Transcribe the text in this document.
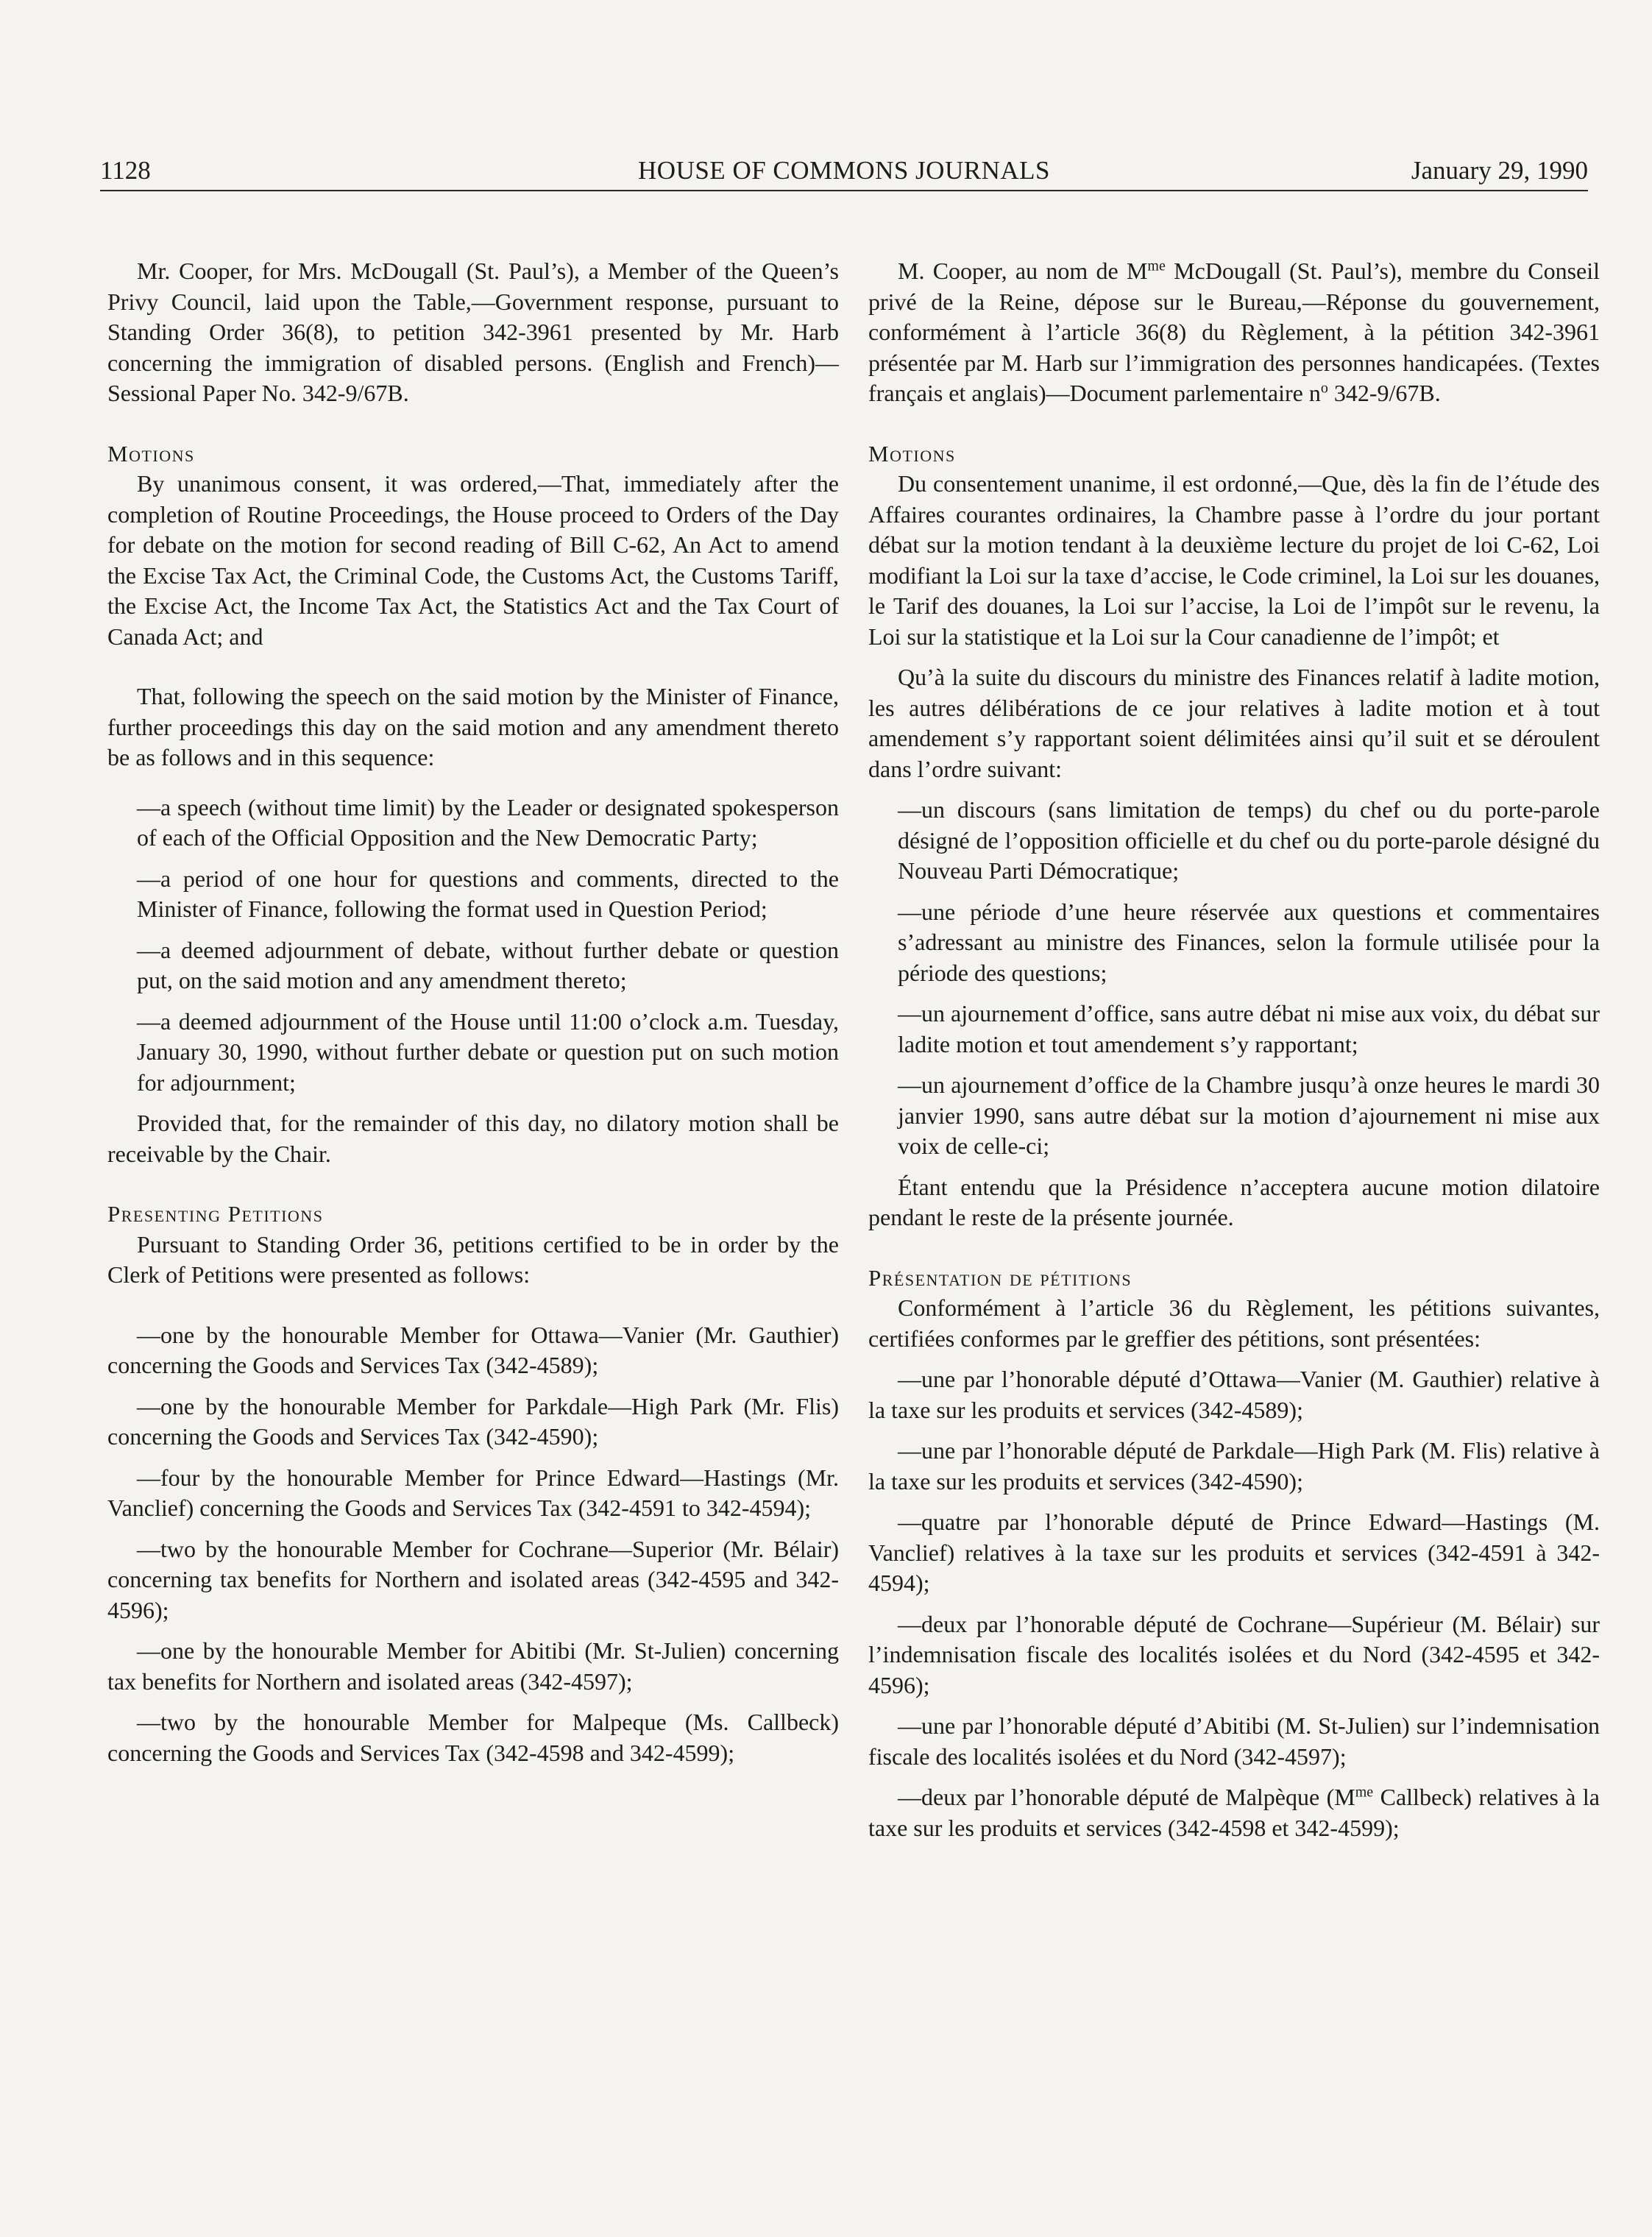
1128	HOUSE OF COMMONS JOURNALS	January 29, 1990

Mr. Cooper, for Mrs. McDougall (St. Paul’s), a Member of the Queen’s Privy Council, laid upon the Table,—Government response, pursuant to Standing Order 36(8), to petition 342-3961 presented by Mr. Harb concerning the immigration of disabled persons. (English and French)—Sessional Paper No. 342-9/67B.

Motions

By unanimous consent, it was ordered,—That, immediately after the completion of Routine Proceedings, the House proceed to Orders of the Day for debate on the motion for second reading of Bill C-62, An Act to amend the Excise Tax Act, the Criminal Code, the Customs Act, the Customs Tariff, the Excise Act, the Income Tax Act, the Statistics Act and the Tax Court of Canada Act; and

That, following the speech on the said motion by the Minister of Finance, further proceedings this day on the said motion and any amendment thereto be as follows and in this sequence:

—a speech (without time limit) by the Leader or designated spokesperson of each of the Official Opposition and the New Democratic Party;

—a period of one hour for questions and comments, directed to the Minister of Finance, following the format used in Question Period;

—a deemed adjournment of debate, without further debate or question put, on the said motion and any amendment thereto;

—a deemed adjournment of the House until 11:00 o’clock a.m. Tuesday, January 30, 1990, without further debate or question put on such motion for adjournment;

Provided that, for the remainder of this day, no dilatory motion shall be receivable by the Chair.

Presenting Petitions

Pursuant to Standing Order 36, petitions certified to be in order by the Clerk of Petitions were presented as follows:

—one by the honourable Member for Ottawa—Vanier (Mr. Gauthier) concerning the Goods and Services Tax (342-4589);

—one by the honourable Member for Parkdale—High Park (Mr. Flis) concerning the Goods and Services Tax (342-4590);

—four by the honourable Member for Prince Edward—Hastings (Mr. Vanclief) concerning the Goods and Services Tax (342-4591 to 342-4594);

—two by the honourable Member for Cochrane—Superior (Mr. Bélair) concerning tax benefits for Northern and isolated areas (342-4595 and 342-4596);

—one by the honourable Member for Abitibi (Mr. St-Julien) concerning tax benefits for Northern and isolated areas (342-4597);

—two by the honourable Member for Malpeque (Ms. Callbeck) concerning the Goods and Services Tax (342-4598 and 342-4599);

M. Cooper, au nom de $M^{me}$ McDougall (St. Paul’s), membre du Conseil privé de la Reine, dépose sur le Bureau,—Réponse du gouvernement, conformément à l’article 36(8) du Règlement, à la pétition 342-3961 présentée par M. Harb sur l’immigration des personnes handicapées. (Textes français et anglais)—Document parlementaire $n^o$ 342-9/67B.

Motions

Du consentement unanime, il est ordonné,—Que, dès la fin de l’étude des Affaires courantes ordinaires, la Chambre passe à l’ordre du jour portant débat sur la motion tendant à la deuxième lecture du projet de loi C-62, Loi modifiant la Loi sur la taxe d’accise, le Code criminel, la Loi sur les douanes, le Tarif des douanes, la Loi sur l’accise, la Loi de l’impôt sur le revenu, la Loi sur la statistique et la Loi sur la Cour canadienne de l’impôt; et

Qu’à la suite du discours du ministre des Finances relatif à ladite motion, les autres délibérations de ce jour relatives à ladite motion et à tout amendement s’y rapportant soient délimitées ainsi qu’il suit et se déroulent dans l’ordre suivant:

—un discours (sans limitation de temps) du chef ou du porte-parole désigné de l’opposition officielle et du chef ou du porte-parole désigné du Nouveau Parti Démocratique;

—une période d’une heure réservée aux questions et commentaires s’adressant au ministre des Finances, selon la formule utilisée pour la période des questions;

—un ajournement d’office, sans autre débat ni mise aux voix, du débat sur ladite motion et tout amendement s’y rapportant;

—un ajournement d’office de la Chambre jusqu’à onze heures le mardi 30 janvier 1990, sans autre débat sur la motion d’ajournement ni mise aux voix de celle-ci;

Étant entendu que la Présidence n’acceptera aucune motion dilatoire pendant le reste de la présente journée.

Présentation de pétitions

Conformément à l’article 36 du Règlement, les pétitions suivantes, certifiées conformes par le greffier des pétitions, sont présentées:

—une par l’honorable député d’Ottawa—Vanier (M. Gauthier) relative à la taxe sur les produits et services (342-4589);

—une par l’honorable député de Parkdale—High Park (M. Flis) relative à la taxe sur les produits et services (342-4590);

—quatre par l’honorable député de Prince Edward—Hastings (M. Vanclief) relatives à la taxe sur les produits et services (342-4591 à 342-4594);

—deux par l’honorable député de Cochrane—Supérieur (M. Bélair) sur l’indemnisation fiscale des localités isolées et du Nord (342-4595 et 342-4596);

—une par l’honorable député d’Abitibi (M. St-Julien) sur l’indemnisation fiscale des localités isolées et du Nord (342-4597);

—deux par l’honorable député de Malpèque ($M^{me}$ Callbeck) relatives à la taxe sur les produits et services (342-4598 et 342-4599);
